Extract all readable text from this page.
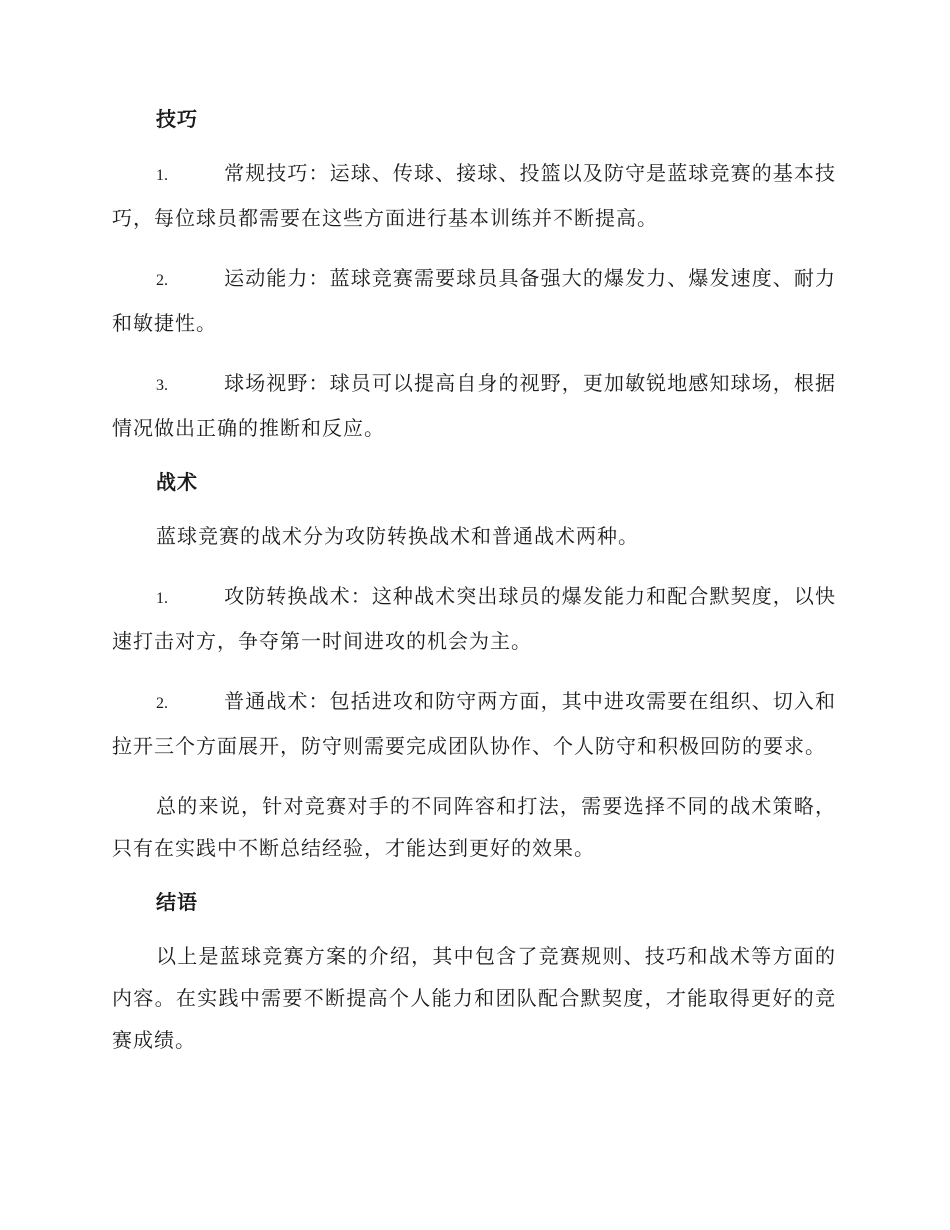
技巧

1.	常规技巧：运球、传球、接球、投篮以及防守是蓝球竞赛的基本技巧，每位球员都需要在这些方面进行基本训练并不断提高。

2.	运动能力：蓝球竞赛需要球员具备强大的爆发力、爆发速度、耐力和敏捷性。

3.	球场视野：球员可以提高自身的视野，更加敏锐地感知球场，根据情况做出正确的推断和反应。

战术

蓝球竞赛的战术分为攻防转换战术和普通战术两种。

1.	攻防转换战术：这种战术突出球员的爆发能力和配合默契度，以快速打击对方，争夺第一时间进攻的机会为主。

2.	普通战术：包括进攻和防守两方面，其中进攻需要在组织、切入和拉开三个方面展开，防守则需要完成团队协作、个人防守和积极回防的要求。

总的来说，针对竞赛对手的不同阵容和打法，需要选择不同的战术策略，只有在实践中不断总结经验，才能达到更好的效果。

结语

以上是蓝球竞赛方案的介绍，其中包含了竞赛规则、技巧和战术等方面的内容。在实践中需要不断提高个人能力和团队配合默契度，才能取得更好的竞赛成绩。
